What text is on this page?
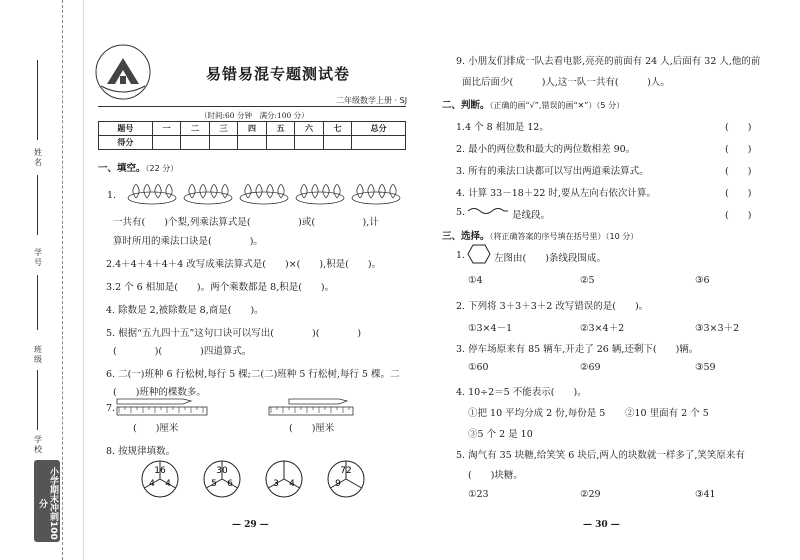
姓名
学号
班级
学校
小学期末冲刺100分
易错易混专题测试卷
二年级数学上册 · SJ
（时间:60 分钟　满分:100 分）
题号	一	二	三	四	五	六	七	总分
得分								
一、填空。（22 分）
1.
一共有(　　)个梨,列乘法算式是(　　　　　)或(　　　　　),计
算时所用的乘法口诀是(　　　　)。
2.4＋4＋4＋4＋4 改写成乘法算式是(　　)×(　　),积是(　　)。
3.2 个 6 相加是(　　)。两个乘数都是 8,积是(　　)。
4. 除数是 2,被除数是 8,商是(　　)。
5. 根据“五九四十五”这句口诀可以写出(　　　　)(　　　　)
(　　　　)(　　　　)四道算式。
6. 二(一)班种 6 行松树,每行 5 棵;二(二)班种 5 行松树,每行 5 棵。二
(　　)班种的棵数多。
7.
(　　)厘米	(　　)厘米
8. 按规律填数。
16
4 4
30
5 6	3 4
72
9
— 29 —
9. 小朋友们排成一队去看电影,亮亮的前面有 24 人,后面有 32 人,他的前
面比后面少(　　　)人,这一队一共有(　　　)人。
二、判断。（正确的画“√”,错误的画“✕”）（5 分）
1.4 个 8 相加是 12。	(　　)
2. 最小的两位数和最大的两位数相差 90。	(　　)
3. 所有的乘法口诀都可以写出两道乘法算式。	(　　)
4. 计算 33－18＋22 时,要从左向右依次计算。	(　　)
5.	是线段。	(　　)
三、选择。（将正确答案的序号填在括号里）（10 分）
1.	左图由(　　)条线段围成。
①4	②5	③6
2. 下列将 3＋3＋3＋2 改写错误的是(　　)。
①3×4－1	②3×4＋2	③3×3＋2
3. 停车场原来有 85 辆车,开走了 26 辆,还剩下(　　)辆。
①60	②69	③59
4. 10÷2＝5 不能表示(　　)。
①把 10 平均分成 2 份,每份是 5 ②10 里面有 2 个 5
③5 个 2 是 10
5. 淘气有 35 块糖,给笑笑 6 块后,两人的块数就一样多了,笑笑原来有
(　　)块糖。
①23	②29	③41
— 30 —
